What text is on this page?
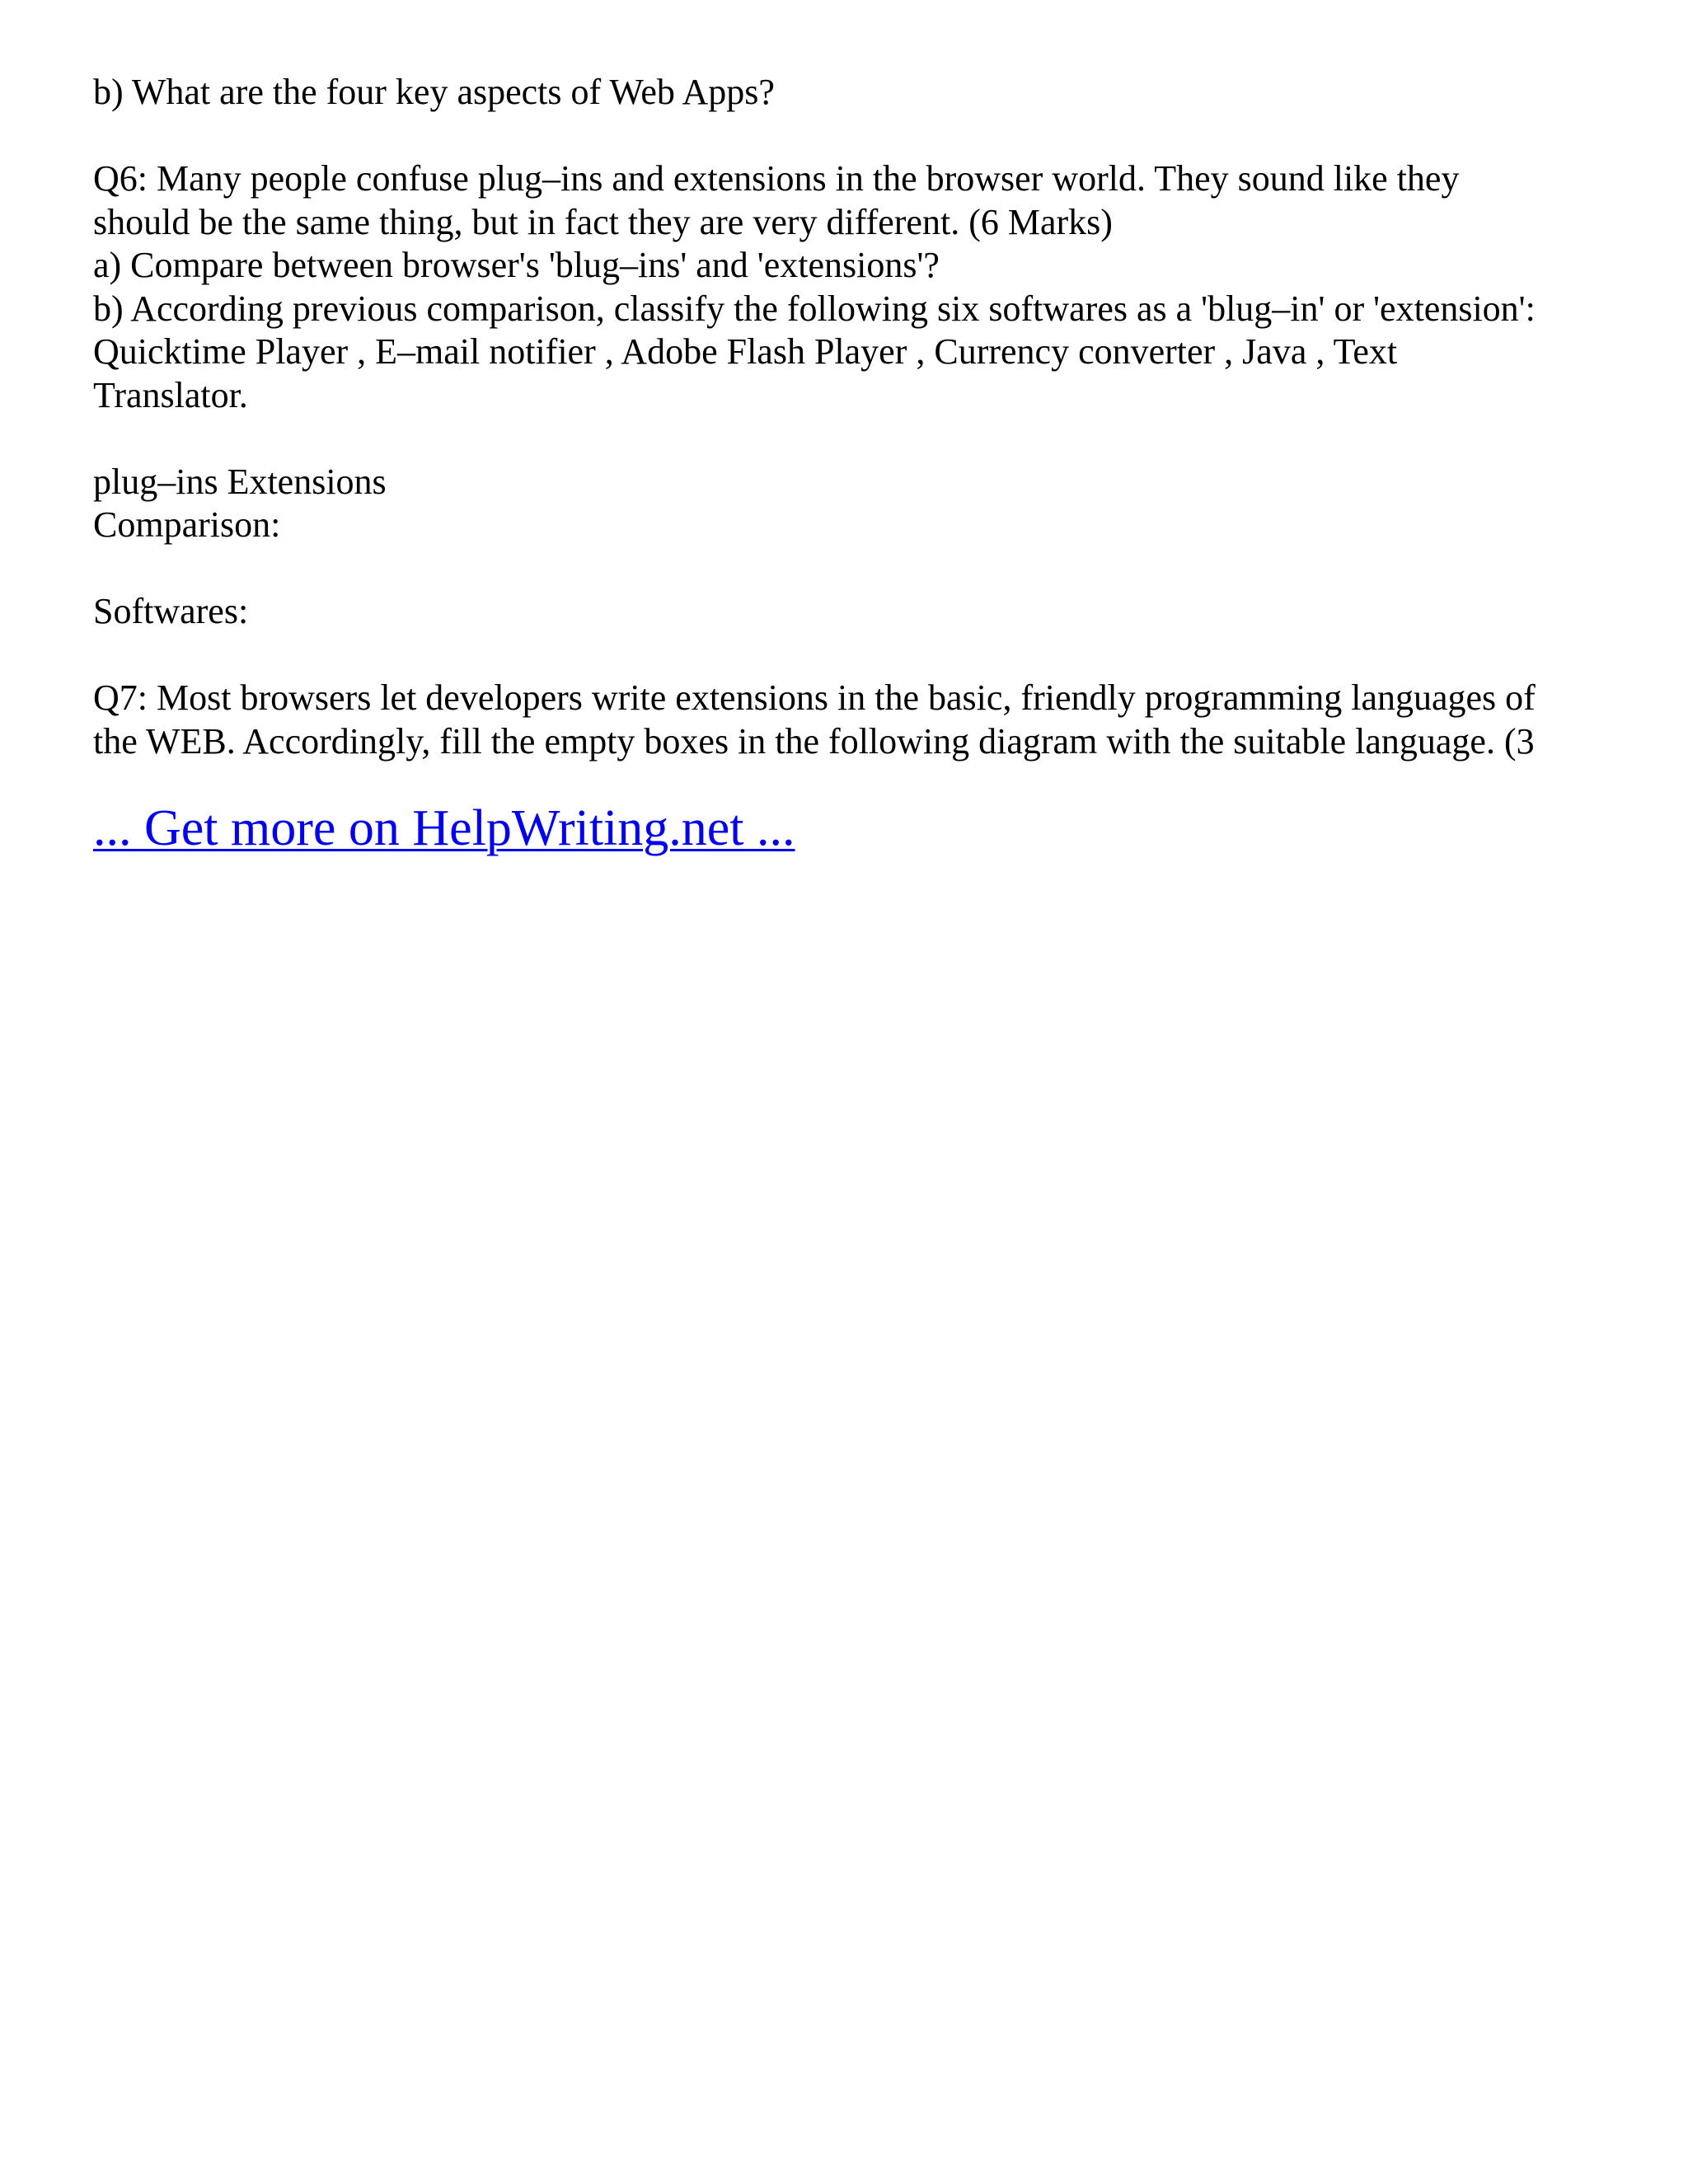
b) What are the four key aspects of Web Apps?
Q6: Many people confuse plug–ins and extensions in the browser world. They sound like they
should be the same thing, but in fact they are very different. (6 Marks)
a) Compare between browser's 'blug–ins' and 'extensions'?
b) According previous comparison, classify the following six softwares as a 'blug–in' or 'extension':
Quicktime Player , E–mail notifier , Adobe Flash Player , Currency converter , Java , Text
Translator.
plug–ins Extensions
Comparison:
Softwares:
Q7: Most browsers let developers write extensions in the basic, friendly programming languages of
the WEB. Accordingly, fill the empty boxes in the following diagram with the suitable language. (3
... Get more on HelpWriting.net ...
